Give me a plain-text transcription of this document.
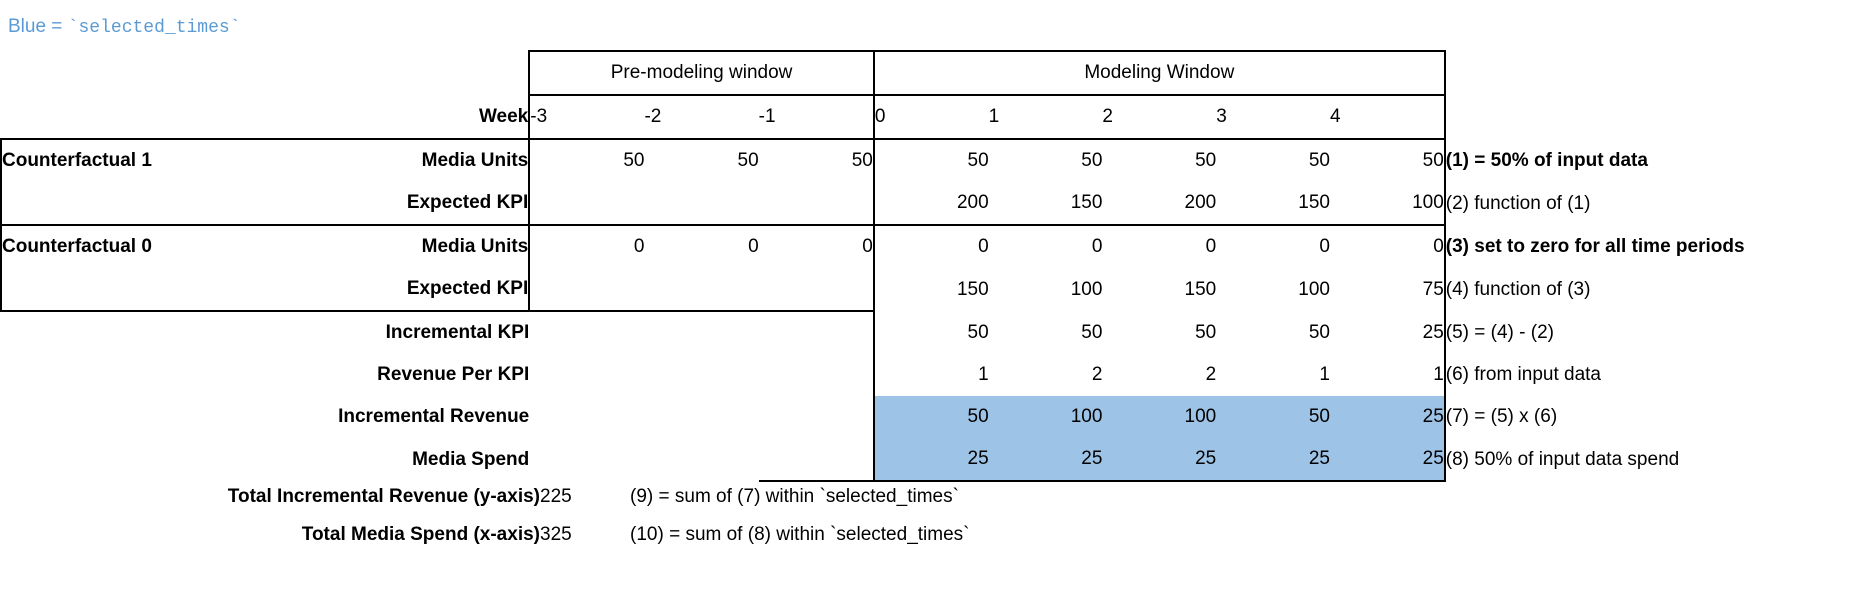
Blue = `selected_times`
		Pre-modeling window			Modeling Window					
	Week	-3	-2	-1	0	1	2	3	4	
Counterfactual 1	Media Units	50	50	50	50	50	50	50	50	(1) = 50% of input data
	Expected KPI				200	150	200	150	100	(2) function of (1)
Counterfactual 0	Media Units	0	0	0	0	0	0	0	0	(3) set to zero for all time periods
	Expected KPI				150	100	150	100	75	(4) function of (3)
	Incremental KPI				50	50	50	50	25	(5) = (4) - (2)
	Revenue Per KPI				1	2	2	1	1	(6) from input data
	Incremental Revenue				50	100	100	50	25	(7) = (5) x (6)
	Media Spend				25	25	25	25	25	(8) 50% of input data spend
Total Incremental Revenue (y-axis)	225	(9) = sum of (7) within `selected_times`
Total Media Spend (x-axis)	325	(10) = sum of (8) within `selected_times`
